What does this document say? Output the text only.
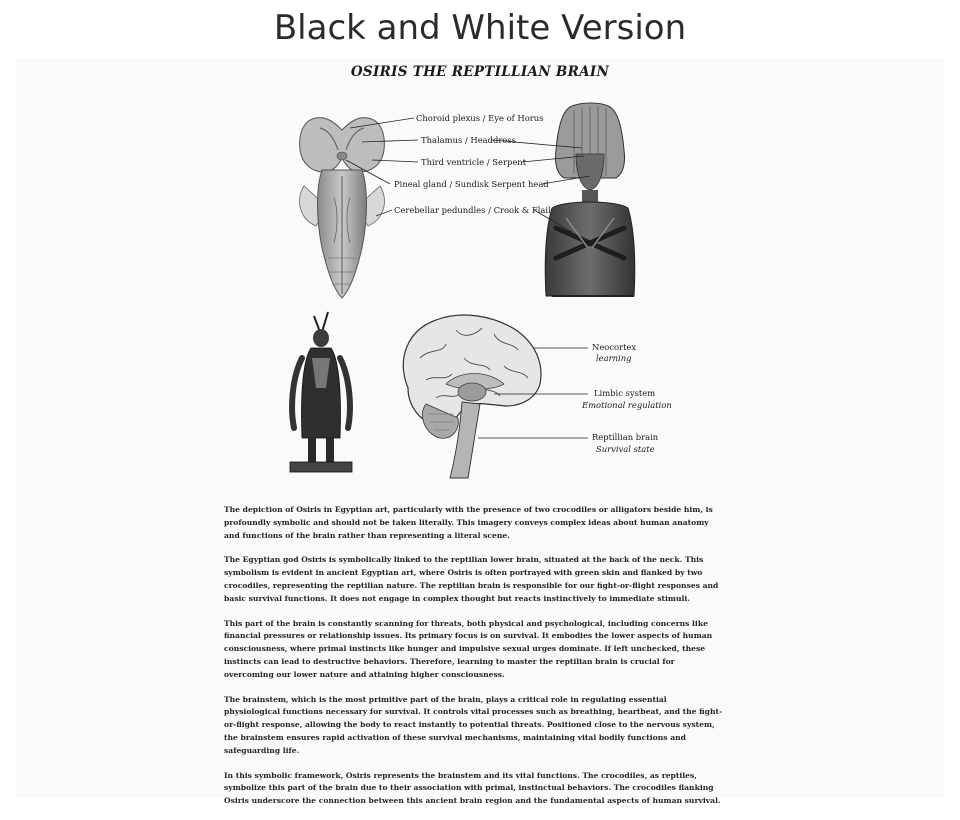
Black and White Version
OSIRIS THE REPTILLIAN BRAIN
Choroid plexus / Eye of Horus
Thalamus / Headdress
Third ventricle / Serpent
Pineal gland / Sundisk Serpent head
Cerebellar pedundles / Crook & Flail
Neocortex
learning
Limbic system
Emotional regulation
Reptillian brain
Survival state

The depiction of Osiris in Egyptian art, particularly with the presence of two crocodiles or alligators beside him, is profoundly symbolic and should not be taken literally. This imagery conveys complex ideas about human anatomy and functions of the brain rather than representing a literal scene.

The Egyptian god Osiris is symbolically linked to the reptilian lower brain, situated at the back of the neck. This symbolism is evident in ancient Egyptian art, where Osiris is often portrayed with green skin and flanked by two crocodiles, representing the reptilian nature. The reptilian brain is responsible for our fight-or-flight responses and basic survival functions. It does not engage in complex thought but reacts instinctively to immediate stimuli.

This part of the brain is constantly scanning for threats, both physical and psychological, including concerns like financial pressures or relationship issues. Its primary focus is on survival. It embodies the lower aspects of human consciousness, where primal instincts like hunger and impulsive sexual urges dominate. If left unchecked, these instincts can lead to destructive behaviors. Therefore, learning to master the reptilian brain is crucial for overcoming our lower nature and attaining higher consciousness.

The brainstem, which is the most primitive part of the brain, plays a critical role in regulating essential physiological functions necessary for survival. It controls vital processes such as breathing, heartbeat, and the fight-or-flight response, allowing the body to react instantly to potential threats. Positioned close to the nervous system, the brainstem ensures rapid activation of these survival mechanisms, maintaining vital bodily functions and safeguarding life.

In this symbolic framework, Osiris represents the brainstem and its vital functions. The crocodiles, as reptiles, symbolize this part of the brain due to their association with primal, instinctual behaviors. The crocodiles flanking Osiris underscore the connection between this ancient brain region and the fundamental aspects of human survival.
